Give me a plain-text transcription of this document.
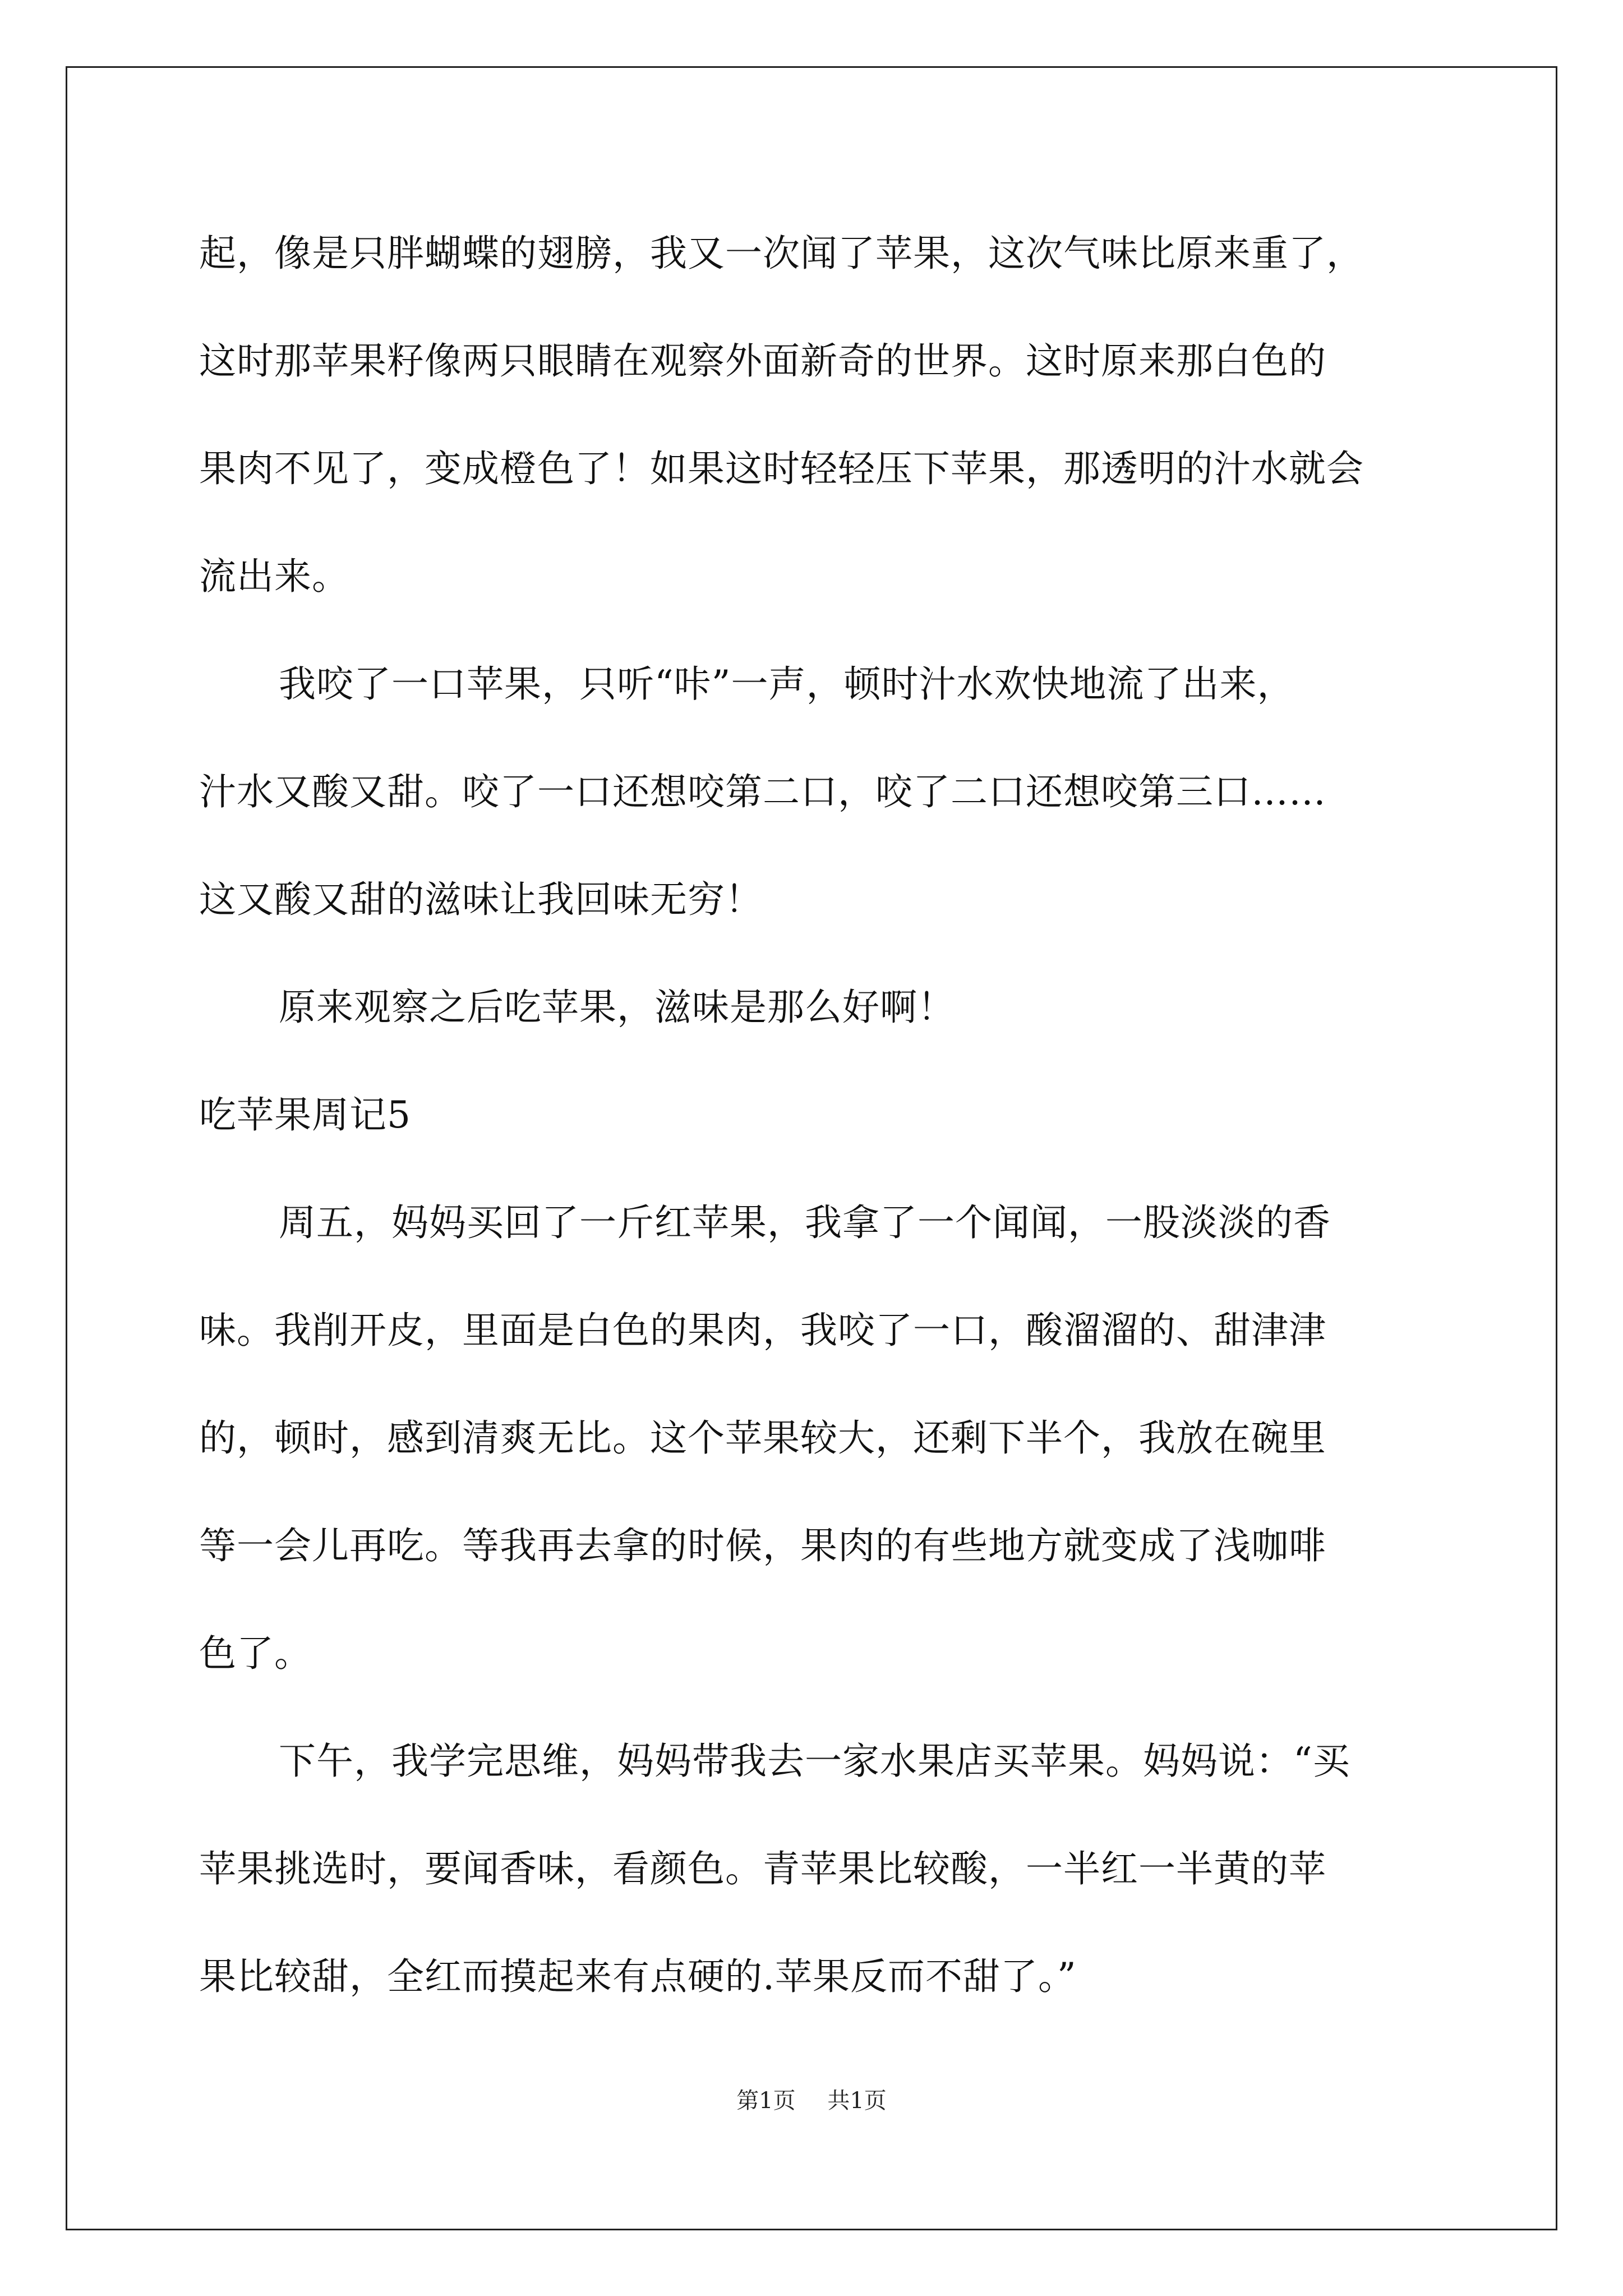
起，像是只胖蝴蝶的翅膀，我又一次闻了苹果，这次气味比原来重了，
这时那苹果籽像两只眼睛在观察外面新奇的世界。这时原来那白色的
果肉不见了，变成橙色了！如果这时轻轻压下苹果，那透明的汁水就会
流出来。
我咬了一口苹果，只听“咔”一声，顿时汁水欢快地流了出来，
汁水又酸又甜。咬了一口还想咬第二口，咬了二口还想咬第三口……
这又酸又甜的滋味让我回味无穷！
原来观察之后吃苹果，滋味是那么好啊！
吃苹果周记5
周五，妈妈买回了一斤红苹果，我拿了一个闻闻，一股淡淡的香
味。我削开皮，里面是白色的果肉，我咬了一口，酸溜溜的、甜津津
的，顿时，感到清爽无比。这个苹果较大，还剩下半个，我放在碗里
等一会儿再吃。等我再去拿的时候，果肉的有些地方就变成了浅咖啡
色了。
下午，我学完思维，妈妈带我去一家水果店买苹果。妈妈说：“买
苹果挑选时，要闻香味，看颜色。青苹果比较酸，一半红一半黄的苹
果比较甜，全红而摸起来有点硬的.苹果反而不甜了。”
第1页 共1页
